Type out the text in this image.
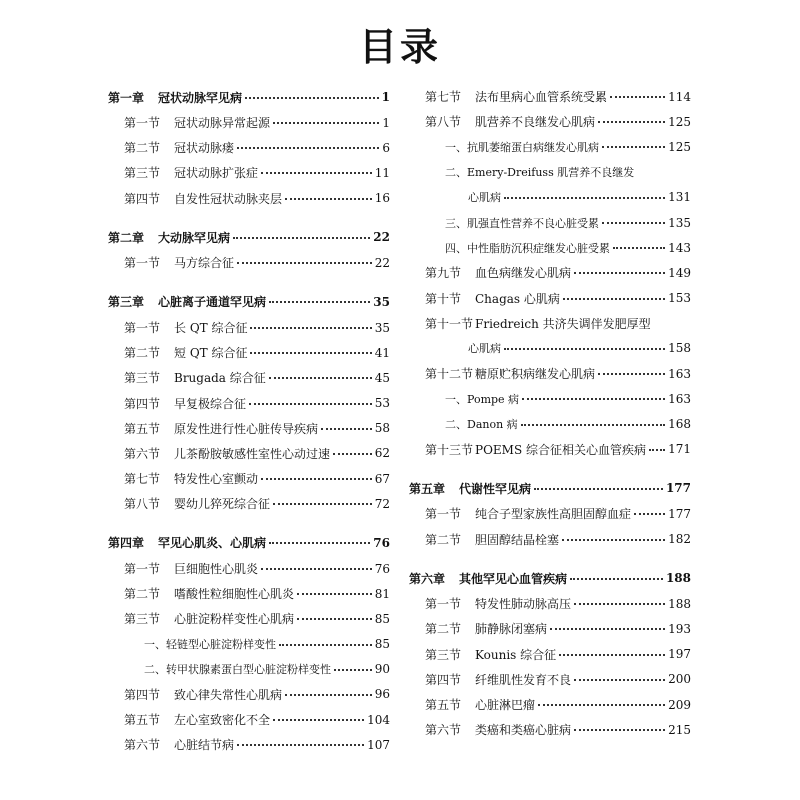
目录
第一章	冠状动脉罕见病	1
第一节	冠状动脉异常起源	1
第二节	冠状动脉瘘	6
第三节	冠状动脉扩张症	11
第四节	自发性冠状动脉夹层	16
第二章	大动脉罕见病	22
第一节	马方综合征	22
第三章	心脏离子通道罕见病	35
第一节	长 QT 综合征	35
第二节	短 QT 综合征	41
第三节	Brugada 综合征	45
第四节	早复极综合征	53
第五节	原发性进行性心脏传导疾病	58
第六节	儿茶酚胺敏感性室性心动过速	62
第七节	特发性心室颤动	67
第八节	婴幼儿猝死综合征	72
第四章	罕见心肌炎、心肌病	76
第一节	巨细胞性心肌炎	76
第二节	嗜酸性粒细胞性心肌炎	81
第三节	心脏淀粉样变性心肌病	85
一、 轻链型心脏淀粉样变性	85
二、 转甲状腺素蛋白型心脏淀粉样变性	90
第四节	致心律失常性心肌病	96
第五节	左心室致密化不全	104
第六节	心脏结节病	107
第七节	法布里病心血管系统受累	114
第八节	肌营养不良继发心肌病	125
一、 抗肌萎缩蛋白病继发心肌病	125
二、 Emery-Dreifuss 肌营养不良继发
心肌病	131
三、 肌强直性营养不良心脏受累	135
四、 中性脂肪沉积症继发心脏受累	143
第九节	血色病继发心肌病	149
第十节	Chagas 心肌病	153
第十一节 Friedreich 共济失调伴发肥厚型
心肌病	158
第十二节 糖原贮积病继发心肌病	163
一、 Pompe 病	163
二、 Danon 病	168
第十三节 POEMS 综合征相关心血管疾病 171
第五章	代谢性罕见病	177
第一节	纯合子型家族性高胆固醇血症	177
第二节	胆固醇结晶栓塞	182
第六章	其他罕见心血管疾病	188
第一节	特发性肺动脉高压	188
第二节	肺静脉闭塞病	193
第三节	Kounis 综合征	197
第四节	纤维肌性发育不良	200
第五节	心脏淋巴瘤	209
第六节	类癌和类癌心脏病	215
